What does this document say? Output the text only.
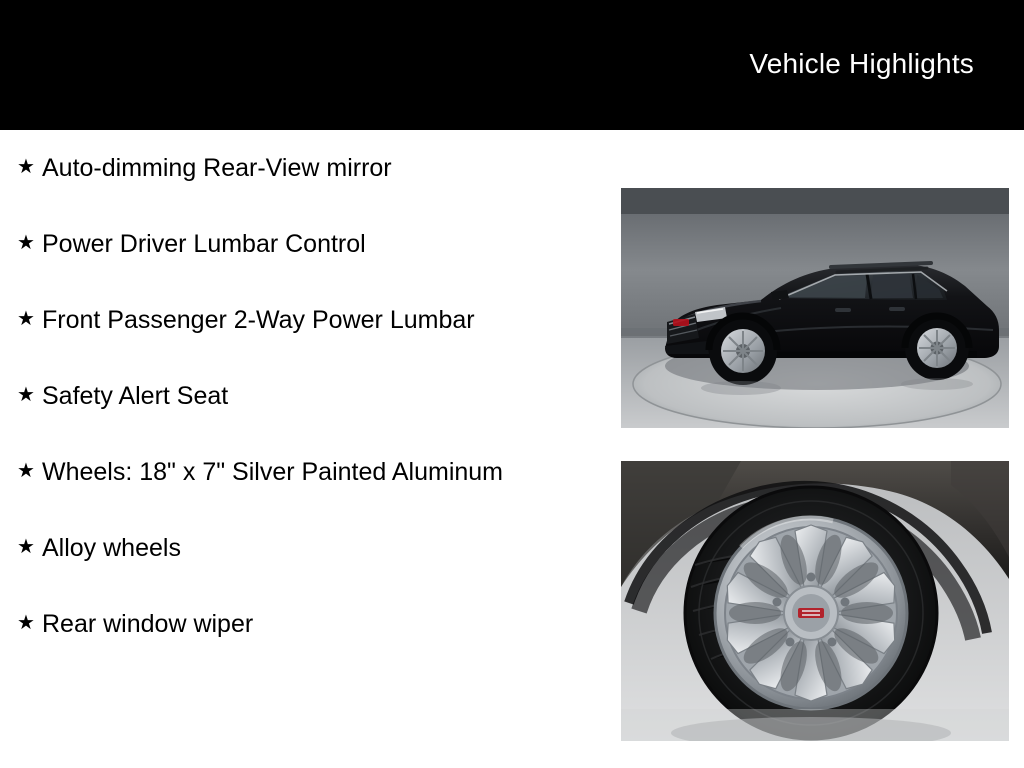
Vehicle Highlights
★ Auto-dimming Rear-View mirror
★ Power Driver Lumbar Control
★ Front Passenger 2-Way Power Lumbar
★ Safety Alert Seat
★ Wheels: 18" x 7" Silver Painted Aluminum
★ Alloy wheels
★ Rear window wiper
